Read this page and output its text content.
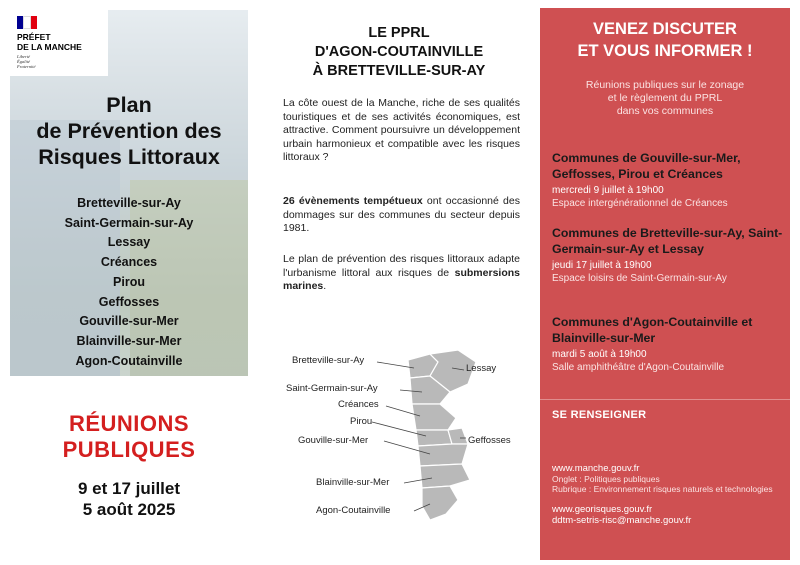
PRÉFET
DE LA MANCHE
Liberté
Égalité
Fraternité
Plan
de Prévention des
Risques Littoraux
Bretteville-sur-Ay
Saint-Germain-sur-Ay
Lessay
Créances
Pirou
Geffosses
Gouville-sur-Mer
Blainville-sur-Mer
Agon-Coutainville
RÉUNIONS
PUBLIQUES
9 et 17 juillet
5 août 2025
LE PPRL
D'AGON-COUTAINVILLE
À BRETTEVILLE-SUR-AY

La côte ouest de la Manche, riche de ses qualités touristiques et de ses activités économiques, est attractive. Comment poursuivre un développement urbain harmonieux et compatible avec les risques littoraux ?

26 évènements tempétueux ont occasionné des dommages sur des communes du secteur depuis 1981.

Le plan de prévention des risques littoraux adapte l'urbanisme littoral aux risques de submersions marines.

Bretteville-sur-Ay
Lessay
Saint-Germain-sur-Ay
Créances
Pirou
Gouville-sur-Mer	Geffosses
Blainville-sur-Mer
Agon-Coutainville
VENEZ DISCUTER
ET VOUS INFORMER !
Réunions publiques sur le zonage
et le règlement du PPRL
dans vos communes
Communes de Gouville-sur-Mer, Geffosses, Pirou et Créances
mercredi 9 juillet à 19h00
Espace intergénérationnel de Créances
Communes de Bretteville-sur-Ay, Saint-Germain-sur-Ay et Lessay
jeudi 17 juillet à 19h00
Espace loisirs de Saint-Germain-sur-Ay
Communes d'Agon-Coutainville et Blainville-sur-Mer
mardi 5 août à 19h00
Salle amphithéâtre d'Agon-Coutainville
SE RENSEIGNER
www.manche.gouv.fr
Onglet : Politiques publiques
Rubrique : Environnement risques naturels et technologies
www.georisques.gouv.fr
ddtm-setris-risc@manche.gouv.fr
